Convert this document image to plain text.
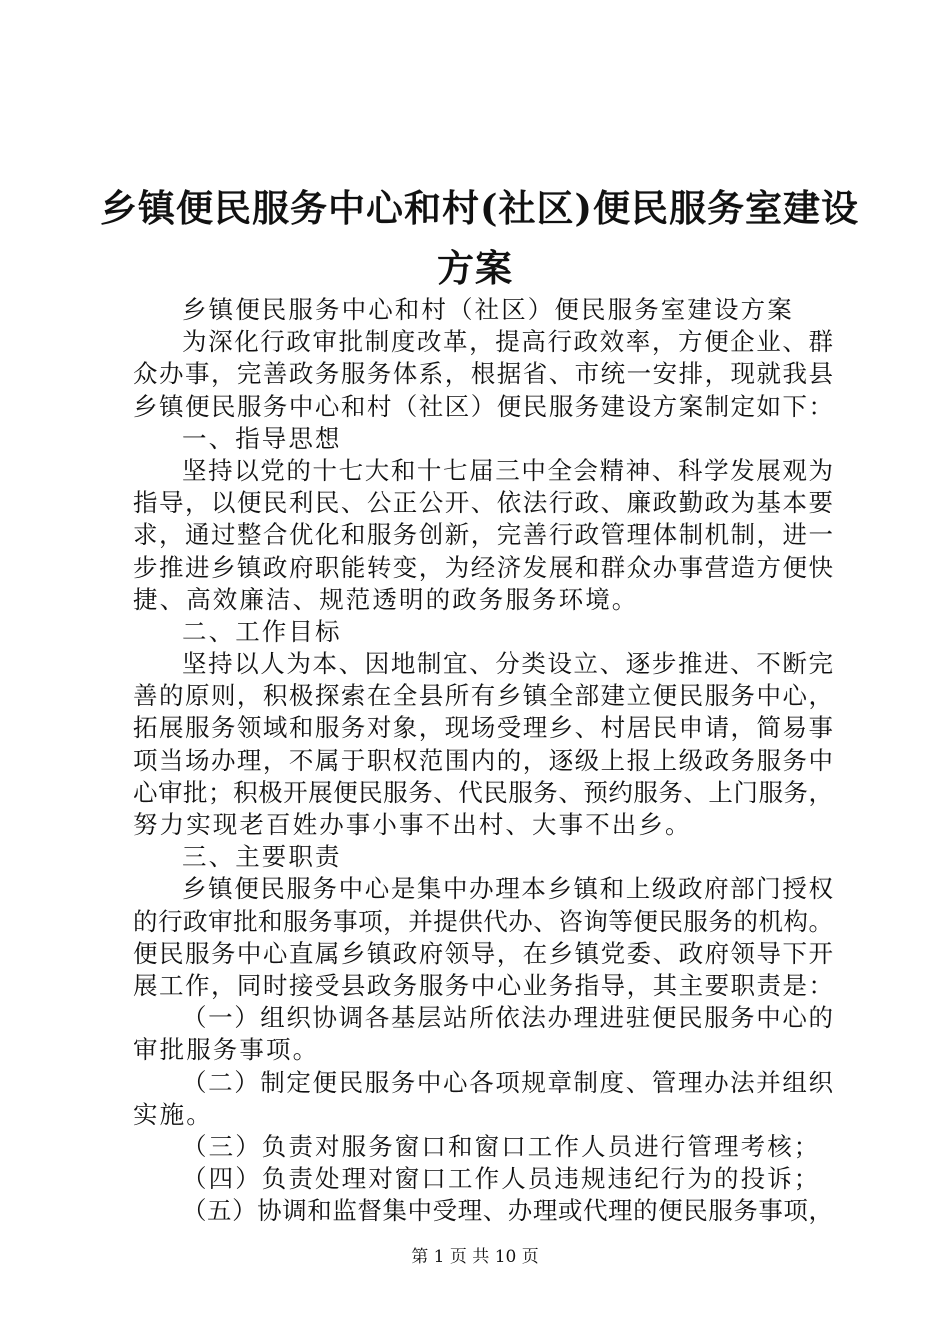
乡镇便民服务中心和村(社区)便民服务室建设
方案
乡镇便民服务中心和村（社区）便民服务室建设方案
为深化行政审批制度改革，提高行政效率，方便企业、群
众办事，完善政务服务体系，根据省、市统一安排，现就我县
乡镇便民服务中心和村（社区）便民服务建设方案制定如下：
一、指导思想
坚持以党的十七大和十七届三中全会精神、科学发展观为
指导，以便民利民、公正公开、依法行政、廉政勤政为基本要
求，通过整合优化和服务创新，完善行政管理体制机制，进一
步推进乡镇政府职能转变，为经济发展和群众办事营造方便快
捷、高效廉洁、规范透明的政务服务环境。
二、工作目标
坚持以人为本、因地制宜、分类设立、逐步推进、不断完
善的原则，积极探索在全县所有乡镇全部建立便民服务中心，
拓展服务领域和服务对象，现场受理乡、村居民申请，简易事
项当场办理，不属于职权范围内的，逐级上报上级政务服务中
心审批；积极开展便民服务、代民服务、预约服务、上门服务，
努力实现老百姓办事小事不出村、大事不出乡。
三、主要职责
乡镇便民服务中心是集中办理本乡镇和上级政府部门授权
的行政审批和服务事项，并提供代办、咨询等便民服务的机构。
便民服务中心直属乡镇政府领导，在乡镇党委、政府领导下开
展工作，同时接受县政务服务中心业务指导，其主要职责是：
（一）组织协调各基层站所依法办理进驻便民服务中心的
审批服务事项。
（二）制定便民服务中心各项规章制度、管理办法并组织
实施。
（三）负责对服务窗口和窗口工作人员进行管理考核；
（四）负责处理对窗口工作人员违规违纪行为的投诉；
（五）协调和监督集中受理、办理或代理的便民服务事项，
第 1 页 共 10 页
